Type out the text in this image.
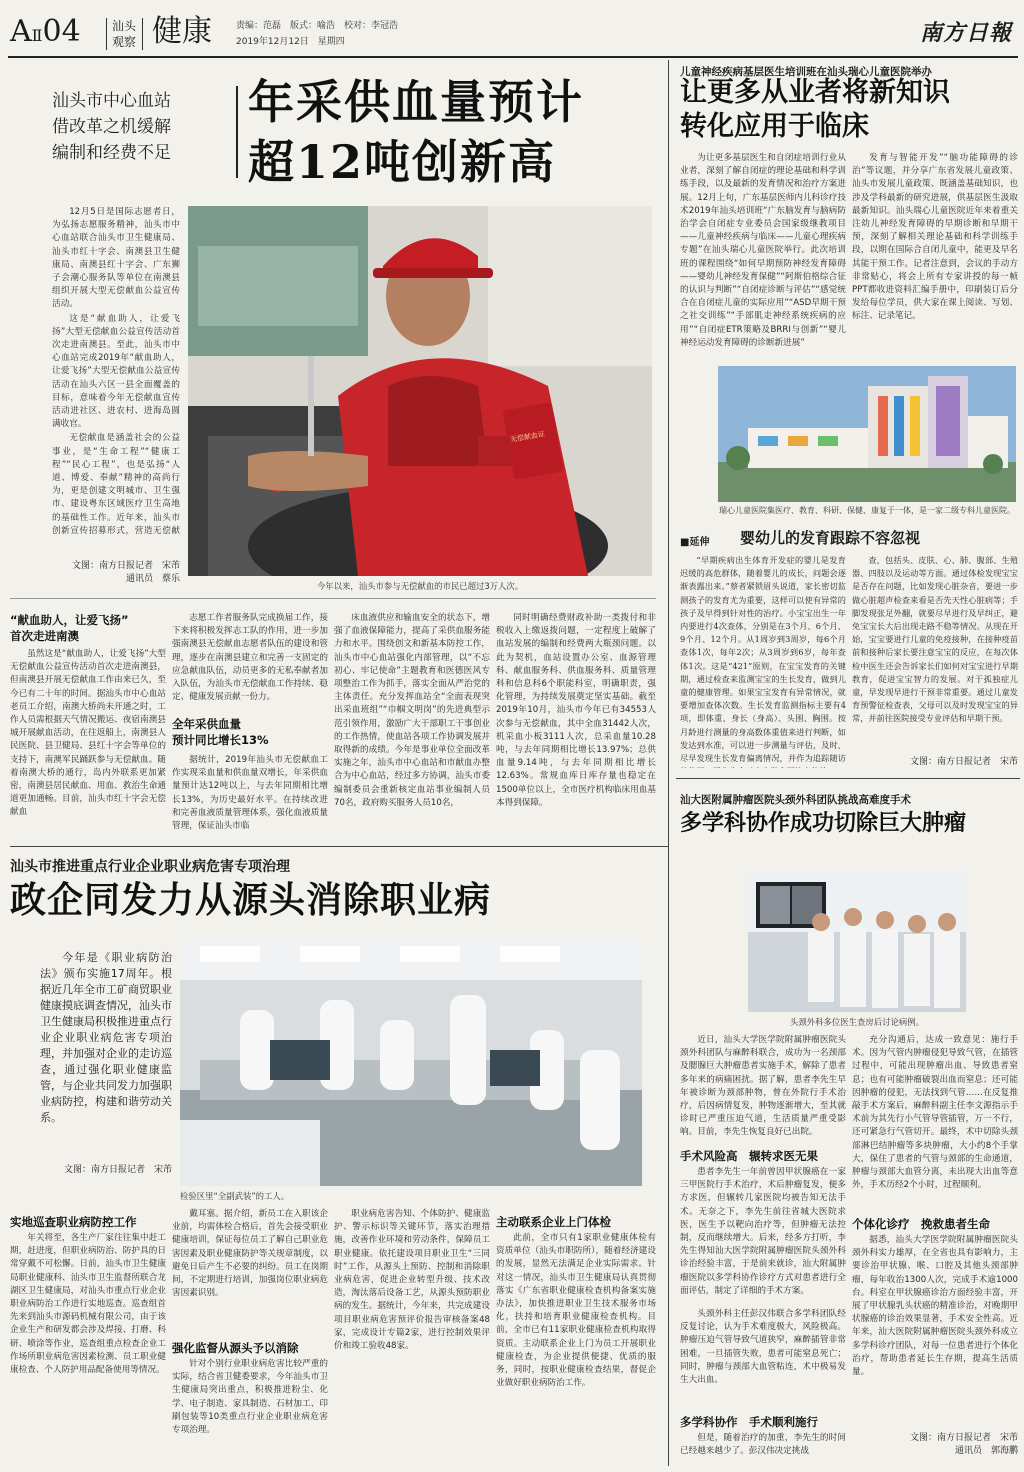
AⅡ04	汕头
观察 健康	责编：范磊　版式：喻浩　校对：李冠浩
2019年12月12日　星期四	南方日報
汕头市中心血站
借改革之机缓解
编制和经费不足
年采供血量预计
超12吨创新高

12月5日是国际志愿者日，为弘扬志愿服务精神，汕头市中心血站联合汕头市卫生健康局、汕头市红十字会、南澳县卫生健康局、南澳县红十字会、广东狮子会潮心服务队等单位在南澳县组织开展大型无偿献血公益宣传活动。

这是“献血助人，让爱飞扬”大型无偿献血公益宣传活动首次走进南澳县。至此，汕头市中心血站完成2019年“献血助人，让爱飞扬”大型无偿献血公益宣传活动在汕头六区一县全面覆盖的目标，意味着今年无偿献血宣传活动进社区、进农村、进海岛圆满收官。

无偿献血是涵盖社会的公益事业，是“生命工程”“健康工程”“民心工程”，也是弘扬“人道、博爱、奉献”精神的高尚行为，更是创建文明城市、卫生强市、建设粤东区域医疗卫生高地的基础性工作。近年来，汕头市创新宣传招募形式，营造无偿献

文图：南方日报记者　宋芾
通讯员　蔡乐
无偿献血证
今年以来，汕头市参与无偿献血的市民已超过3万人次。
“献血助人，让爱飞扬”
首次走进南澳

虽然这是“献血助人，让爱飞扬”大型无偿献血公益宣传活动首次走进南澳县，但南澳县开展无偿献血工作由来已久，至今已有二十年的时间。据汕头市中心血站老员工介绍，南澳大桥尚未开通之时，工作人员需根据天气情况搬运、夜宿南澳县城开展献血活动，在往返船上，南澳县人民医院、县卫健局、县红十字会等单位的支持下，南澳军民踊跃参与无偿献血。随着南澳大桥的通行，岛内外联系更加紧密，南澳县居民献血、用血、救治生命通道更加通畅。目前，汕头市红十字会无偿献血

志愿工作者服务队完成换届工作，接下来将积极发挥志工队的作用，进一步加强南澳县无偿献血志愿者队伍的建设和管理，逐步在南澳县建立和完善一支固定的应急献血队伍，动员更多的无私奉献者加入队伍，为汕头市无偿献血工作持续、稳定、健康发展贡献一份力。

全年采供血量
预计同比增长13%

据统计，2019年汕头市无偿献血工作实现采血量和供血量双增长，年采供血量预计达12吨以上，与去年同期相比增长13%，为历史最好水平。在持续改进和完善血液质量管理体系，强化血液质量管理，保证汕头市临

床血液供应和输血安全的状态下，增强了血液保障能力，提高了采供血服务能力和水平。围绕创文和新基本防控工作，汕头市中心血站强化内部管理，以“不忘初心、牢记使命”主题教育和医德医风专项整治工作为抓手，落实全面从严治党的主体责任。充分发挥血站全“全面表现突出采血班组”“巾帼文明岗”的先进典型示范引领作用，激励广大干部职工干事创业的工作热情，使血站各项工作协调发展并取得新的成绩。今年是事业单位全面改革实施之年，汕头市中心血站和市献血办整合为中心血站，经过多方协调，汕头市委编制委员会重新核定血站事业编制人员70名，政府购买服务人员10名，

同时明确经费财政补助一类拨付和非税收入上缴返拨问题，一定程度上破解了血站发展的编制和经费两大瓶颈问题。以此为契机，血站设置办公室、血源管理科、献血服务科、供血服务科、质量管理科和信息科6个职能科室，明确职责，强化管理，为持续发展奠定坚实基础。截至2019年10月，汕头市今年已有34553人次参与无偿献血，其中全血31442人次，机采血小板3111人次，总采血量10.28吨，与去年同期相比增长13.97%；总供血量9.14吨，与去年同期相比增长12.63%。常规血库日库存量也稳定在1500单位以上，全市医疗机构临床用血基本得到保障。

儿童神经疾病基层医生培训班在汕头瑞心儿童医院举办
让更多从业者将新知识
转化应用于临床

为让更多基层医生和自闭症培训行业从业者，深刻了解自闭症的理论基础和科学训练手段，以及最新的发育情况和治疗方案进展。12月上旬，广东基层医师内儿科诊疗技术2019年汕头培训班“广东脑发育与脑病防治学会自闭症专业委员会国家级继教项目——儿童神经疾病与临床——儿童心理疾病专题”在汕头瑞心儿童医院举行。此次培训班的课程围绕“如何早期预防神经发育障碍——婴幼儿神经发育保健”“阿斯伯格综合征的认识与判断”“自闭症诊断与评估”“感觉统合在自闭症儿童的实际应用”“ASD早期干预之社交训练”“手部肌走神经系统疾病的应用”“自闭症ETR策略及BRRI与创新”“婴儿神经运动发育障碍的诊断新进展”

发育与智能开发”“脑功能障碍的诊治”等议题，并分享广东省发展儿童政策、汕头市发展儿童政策、既涵盖基础知识，也涉及学科最新的研究进展，供基层医生汲取最新知识。汕头瑞心儿童医院近年来着重关注幼儿神经发育障碍的早期诊断和早期干预，深刻了解相关理论基础和科学训练手段，以期在国际合自闭儿童中，能更及早名其能干预工作。记者注意到，会议的手动方非常贴心，将会上所有专家讲授的每一帧PPT都收进资料汇编手册中，印刷装订后分发给每位学员，供大家在课上阅读、写划、标注、记录笔记。

瑞心儿童医院集医疗、教育、科研、保健、康复于一体，是一家二级专科儿童医院。
■延伸 婴幼儿的发育跟踪不容忽视

“早期疾病出生体育开发症的婴儿是发育迟缓的高危群体，随着婴儿的成长，问题会逐渐表露出来。”蔡者紧锁眉头说道，家长密切监测孩子的发育尤为重要，这样可以使有异常的孩子及早得到针对性的治疗。小宝宝出生一年内要进行4次查体，分别是在3个月、6个月、9个月、12个月。从1周岁到3周岁，每6个月查体1次，每年2次；从3周岁到6岁，每年查体1次。这是“421”原则，在宝宝发育的关键期，通过检查来监测宝宝的生长发育，做到儿童的健康管理。如果宝宝发育有异常情况，就要增加查体次数。生长发育监测指标主要有4项，即体重、身长（身高）、头围、胸围。按月龄进行测量的身高数体重值来进行判断，如发达到水准，可以进一步测量与评估，及时、尽早发现生长发育偏离情况，并作为追踪随访

查，包括头、皮肤、心、肺、腹部、生殖器、四肢以及运动等方面。通过体检发现宝宝是否存在问题，比如发现心脏杂音，要进一步做心脏超声检查来看是否先天性心脏病等；手脚发现张足外翻，就要尽早进行及早纠正，避免宝宝长大后出现走路不稳等情况。从现在开始，宝宝要进行儿童的免疫接种，在接种疫苗前和接种后家长要注意宝宝的反应，在每次体检中医生还会告诉家长们如何对宝宝进行早期教育，促进宝宝智力的发展。对于孤独症儿童，早发现早进行干预非常重要。通过儿童发育预警征检查表，父母可以及时发现宝宝的异常，并前往医院接受专业评估和早期干预。

文图：南方日报记者　宋芾
汕大医附属肿瘤医院头颈外科团队挑战高难度手术
多学科协作成功切除巨大肿瘤
头颈外科多位医生查房后讨论病例。

近日，汕头大学医学院附属肿瘤医院头颈外科团队与麻醉科联合，成功为一名颈部及腮腺巨大肿瘤患者实施手术，解除了患者多年来的病痛困扰。据了解，患者李先生早年被诊断为颈部肿物，曾在外院行手术治疗，后因病情复发，肿物逐渐增大，至其就诊时已严重压迫气道，生活质量严重受影响。目前，李先生恢复良好已出院。

手术风险高　辗转求医无果

患者李先生一年前曾因甲状腺癌在一家三甲医院行手术治疗，术后肿瘤复发，便多方求医，但辗转几家医院均被告知无法手术。无奈之下，李先生前往省城大医院求医，医生予以靶向治疗等，但肿瘤无法控制，反而继续增大。后来，经多方打听，李先生得知汕大医学院附属肿瘤医院头颈外科诊治经验丰富，于是前来就诊，汕大附属肿瘤医院以多学科协作诊疗方式对患者进行全面评估，制定了详细的手术方案。

头颈外科主任彭汉伟联合多学科团队经反复讨论，认为手术难度极大，风险极高。肿瘤压迫气管导致气道狭窄，麻醉插管非常困难，一旦插管失败，患者可能窒息死亡；同时，肿瘤与颈部大血管粘连，术中极易发生大出血。

多学科协作　手术顺利施行

但是，随着治疗的加重，李先生的时间已经越来越少了。彭汉伟决定挑战

充分沟通后，达成一致意见：施行手术。因为气管内肿瘤侵犯导致气管，在插管过程中，可能出现肿瘤出血、导致患者窒息；也有可能肿瘤破裂出血而窒息；还可能因肿瘤的侵犯，无法找到气管……在反复推敲手术方案后，麻醉科副主任李文源指示手术前为其先行小气管导管插管，万一不行，还可紧急行气管切开。最终，术中切除头颈部淋巴结肿瘤等多块肿瘤，大小约8个手掌大，保住了患者的气管与颈部的生命通道，肿瘤与颈部大血管分离，未出现大出血等意外，手术历经2个小时，过程顺利。

个体化诊疗　挽救患者生命

据悉，汕头大学医学院附属肿瘤医院头颈外科实力雄厚，在全省也具有影响力，主要诊治甲状腺、喉、口腔及其他头颈部肿瘤，每年收治1300人次，完成手术逾1000台。科室在甲状腺癌诊治方面经验丰富，开展了甲状腺乳头状癌的精准诊治，对晚期甲状腺癌的诊治效果显著，手术安全性高。近年来，汕大医院附属肿瘤医院头颈外科成立多学科诊疗团队，对每一位患者进行个体化治疗，帮助患者延长生存期，提高生活质量。

文图：南方日报记者　宋芾
通讯员　郭海鹏
汕头市推进重点行业企业职业病危害专项治理
政企同发力从源头消除职业病
今年是《职业病防治法》颁布实施17周年。根据近几年全市工矿商贸职业健康摸底调查情况，汕头市卫生健康局积极推进重点行业企业职业病危害专项治理，并加强对企业的走访巡查，通过强化职业健康监管，与企业共同发力加强职业病防控，构建和谐劳动关系。
文图：南方日报记者　宋芾
检验区里“全副武装”的工人。
实地巡查职业病防控工作

年关将至，各生产厂家往往集中赶工期，赶进度，但职业病防治、防护具的日常穿戴不可松懈。日前，汕头市卫生健康局职业健康科、汕头市卫生监督所联合龙湖区卫生健康局，对汕头市重点行业企业职业病防治工作进行实地巡查。巡查组首先来到汕头市源码机械有限公司，由于该企业生产和研发都会涉及焊接、打磨、科研、喷涂等作业，巡查组重点检查企业工作场所职业病危害因素检测、员工职业健康检查、个人防护用品配备使用等情况。

戴耳塞。据介绍，新员工在入职该企业前，均需体检合格后，首先会接受职业健康培训，保证每位员工了解自己职业危害因素及职业健康防护等关规章制度，以避免日后产生不必要的纠纷。员工在岗期间，不定期进行培训，加强岗位职业病危害因素识别。

强化监督从源头予以消除

针对个别行业职业病危害比较严重的实际，结合省卫健委要求，今年汕头市卫生健康局突出重点，积极推进粉尘、化学、电子制造、家具制造、石材加工、印刷包装等10类重点行业企业职业病危害专项治理。

职业病危害告知、个体防护、健康监护、警示标识等关键环节，落实治理措施，改善作业环境和劳动条件，保障员工职业健康。依托建设项目职业卫生“三同时”工作，从源头上预防、控制和消除职业病危害，促进企业转型升级、技术改造，淘汰落后设备工艺，从源头预防职业病的发生。据统计，今年来，共完成建设项目职业病危害预评价报告审核备案48家，完成设计专篇2家，进行控制效果评价和竣工验收48家。

主动联系企业上门体检

此前，全市只有1家职业健康体检有资质单位（汕头市职防所），随着经济建设的发展，显然无法满足企业实际需求。针对这一情况，汕头市卫生健康局认真贯彻落实《广东省职业健康检查机构备案实施办法》，加快推进职业卫生技术服务市场化，扶持和培育职业健康检查机构。目前，全市已有11家职业健康检查机构取得资质。主动联系企业上门为员工开展职业健康检查，为企业提供便捷、优质的服务，同时，按职业健康检查结果，督促企业做好职业病防治工作。
